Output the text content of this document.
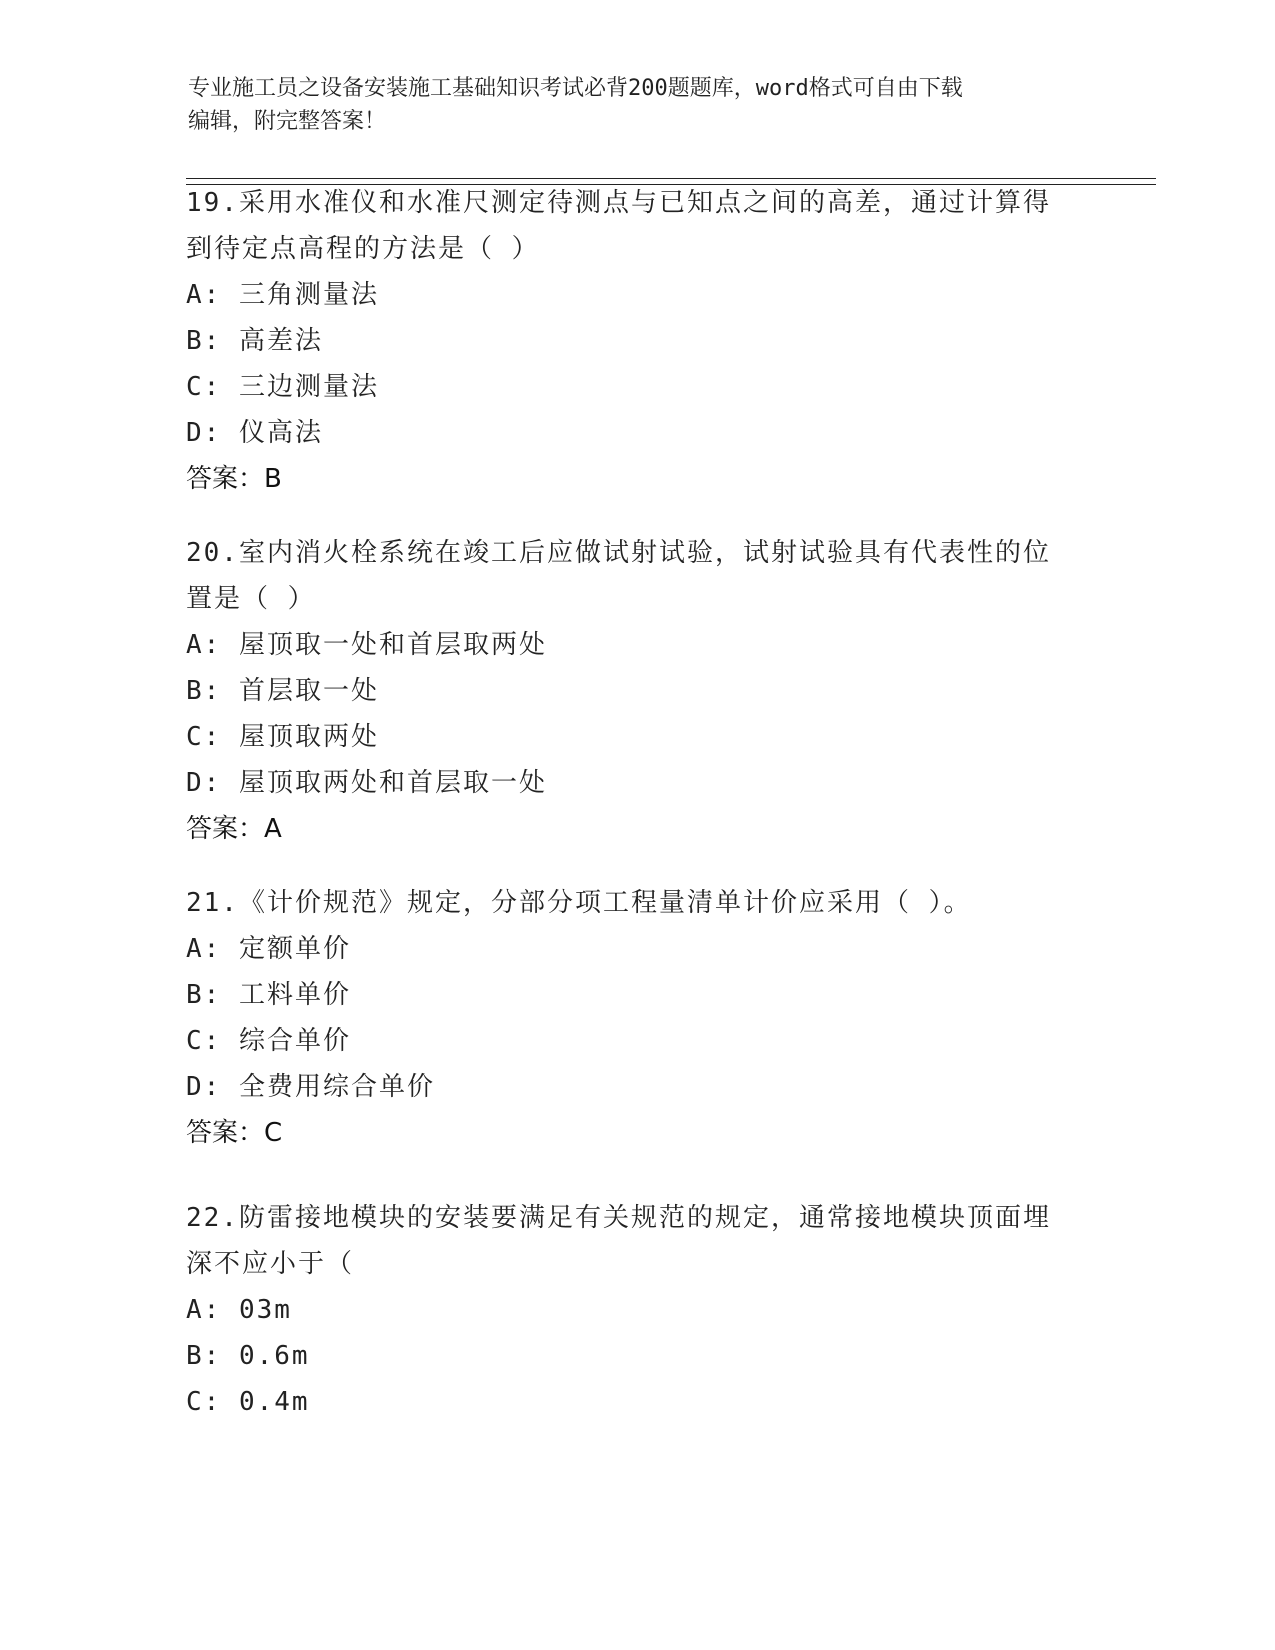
专业施工员之设备安装施工基础知识考试必背200题题库，word格式可自由下载
编辑，附完整答案！

19.采用水准仪和水准尺测定待测点与已知点之间的高差，通过计算得

到待定点高程的方法是（ ）

A: 三角测量法

B: 高差法

C: 三边测量法

D: 仪高法

答案：B

20.室内消火栓系统在竣工后应做试射试验，试射试验具有代表性的位

置是（ ）

A: 屋顶取一处和首层取两处

B: 首层取一处

C: 屋顶取两处

D: 屋顶取两处和首层取一处

答案：A

21.《计价规范》规定，分部分项工程量清单计价应采用（ ）。

A: 定额单价

B: 工料单价

C: 综合单价

D: 全费用综合单价

答案：C

22.防雷接地模块的安装要满足有关规范的规定，通常接地模块顶面埋

深不应小于（

A: 03m

B: 0.6m

C: 0.4m
